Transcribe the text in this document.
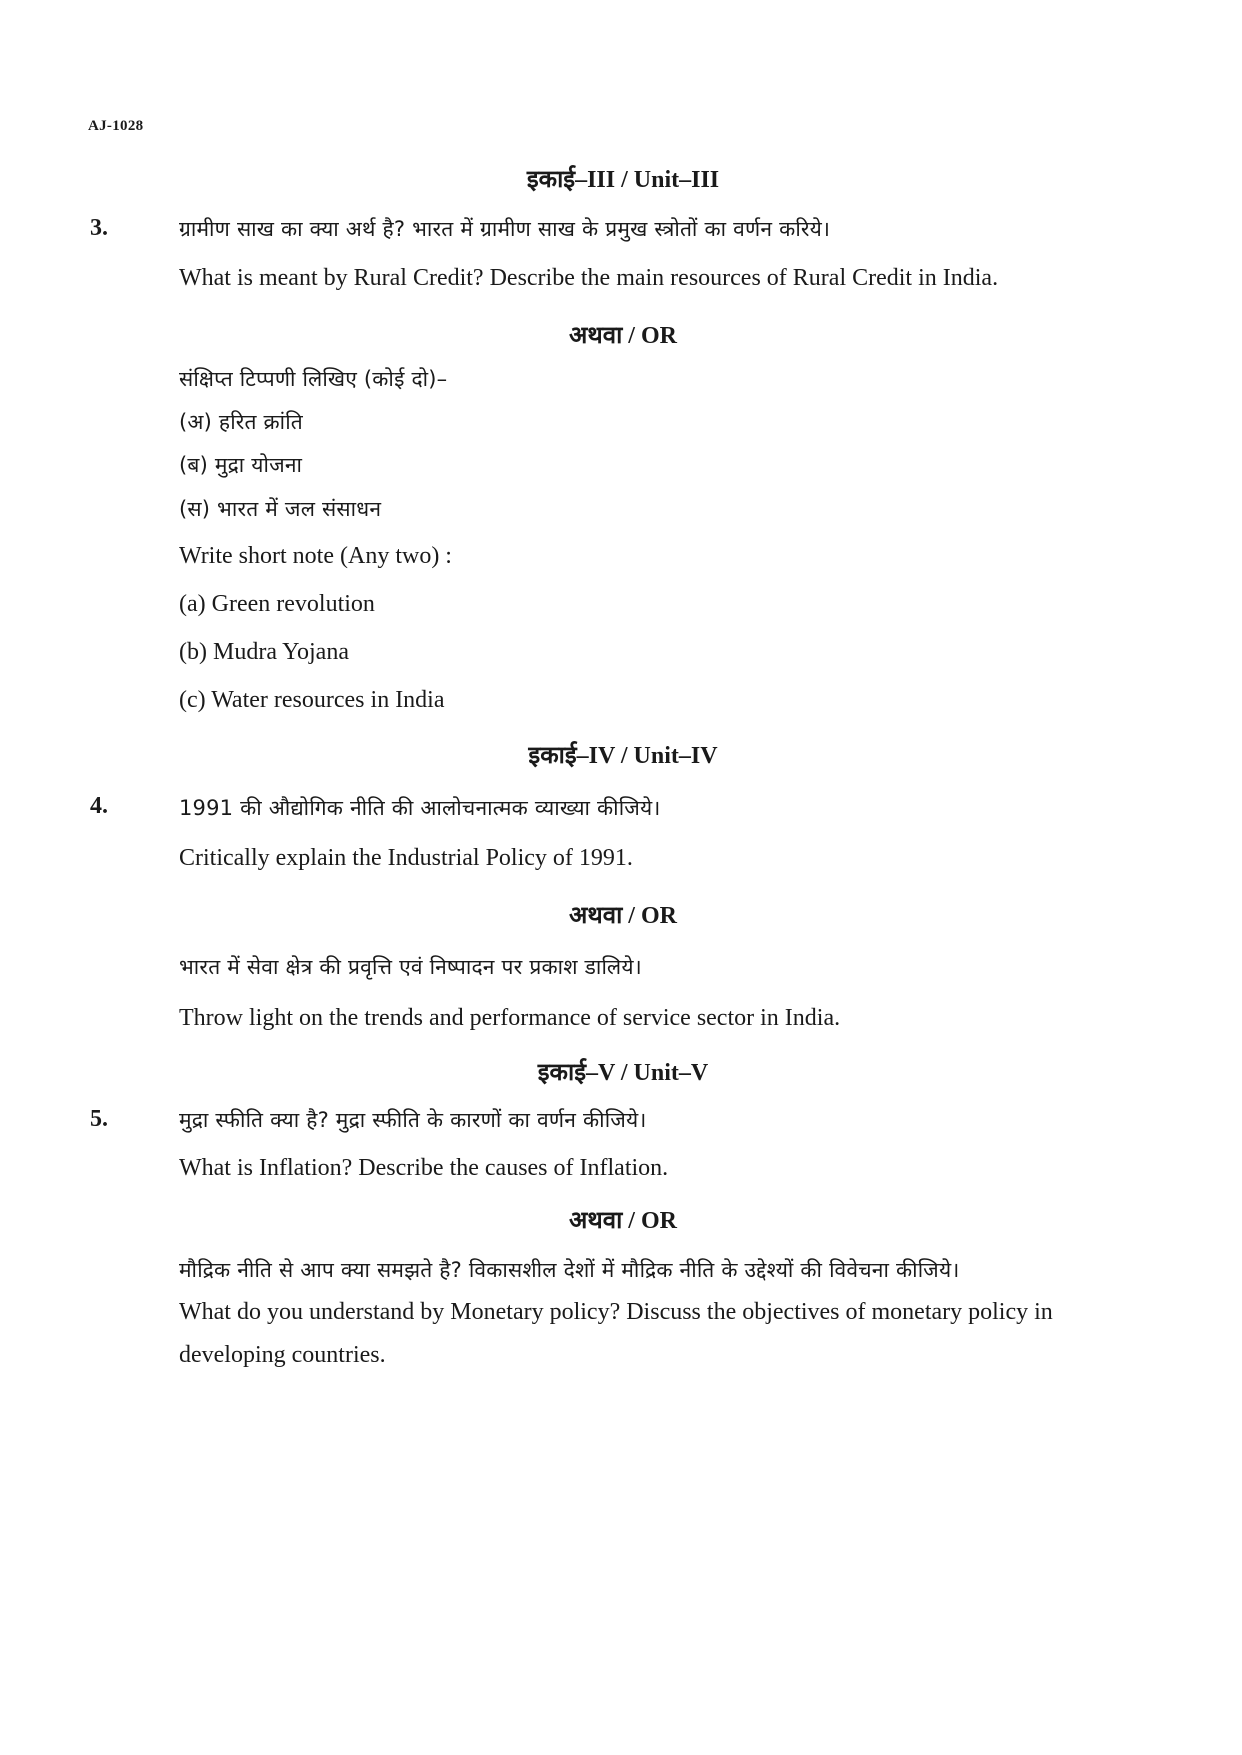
AJ-1028
इकाई–III / Unit–III
3.	ग्रामीण साख का क्या अर्थ है? भारत में ग्रामीण साख के प्रमुख स्त्रोतों का वर्णन करिये।
What is meant by Rural Credit? Describe the main resources of Rural Credit in India.
अथवा / OR
संक्षिप्त टिप्पणी लिखिए (कोई दो)–
(अ) हरित क्रांति
(ब) मुद्रा योजना
(स) भारत में जल संसाधन
Write short note (Any two) :
(a) Green revolution
(b) Mudra Yojana
(c) Water resources in India
इकाई–IV / Unit–IV
4.	1991 की औद्योगिक नीति की आलोचनात्मक व्याख्या कीजिये।
Critically explain the Industrial Policy of 1991.
अथवा / OR
भारत में सेवा क्षेत्र की प्रवृत्ति एवं निष्पादन पर प्रकाश डालिये।
Throw light on the trends and performance of service sector in India.
इकाई–V / Unit–V
5.	मुद्रा स्फीति क्या है? मुद्रा स्फीति के कारणों का वर्णन कीजिये।
What is Inflation? Describe the causes of Inflation.
अथवा / OR
मौद्रिक नीति से आप क्या समझते है? विकासशील देशों में मौद्रिक नीति के उद्देश्यों की विवेचना कीजिये।
What do you understand by Monetary policy? Discuss the objectives of monetary policy in developing countries.
